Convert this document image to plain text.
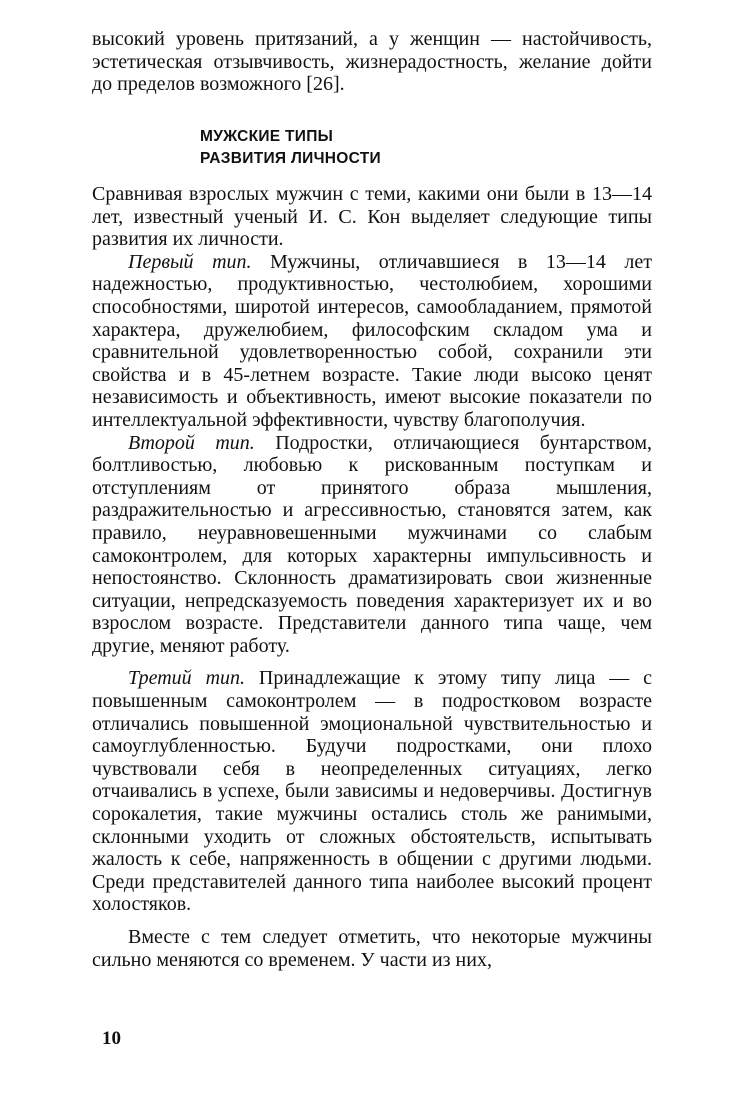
высокий уровень притязаний, а у женщин — настойчивость, эстетическая отзывчивость, жизнерадостность, желание дойти до пределов возможного [26].

МУЖСКИЕ ТИПЫ
РАЗВИТИЯ ЛИЧНОСТИ

Сравнивая взрослых мужчин с теми, какими они были в 13—14 лет, известный ученый И. С. Кон выделяет следующие типы развития их личности.

Первый тип. Мужчины, отличавшиеся в 13—14 лет надежностью, продуктивностью, честолюбием, хорошими способностями, широтой интересов, самообладанием, прямотой характера, дружелюбием, философским складом ума и сравнительной удовлетворенностью собой, сохранили эти свойства и в 45-летнем возрасте. Такие люди высоко ценят независимость и объективность, имеют высокие показатели по интеллектуальной эффективности, чувству благополучия.

Второй тип. Подростки, отличающиеся бунтарством, болтливостью, любовью к рискованным поступкам и отступлениям от принятого образа мышления, раздражительностью и агрессивностью, становятся затем, как правило, неуравновешенными мужчинами со слабым самоконтролем, для которых характерны импульсивность и непостоянство. Склонность драматизировать свои жизненные ситуации, непредсказуемость поведения характеризует их и во взрослом возрасте. Представители данного типа чаще, чем другие, меняют работу.

Третий тип. Принадлежащие к этому типу лица — с повышенным самоконтролем — в подростковом возрасте отличались повышенной эмоциональной чувствительностью и самоуглубленностью. Будучи подростками, они плохо чувствовали себя в неопределенных ситуациях, легко отчаивались в успехе, были зависимы и недоверчивы. Достигнув сорокалетия, такие мужчины остались столь же ранимыми, склонными уходить от сложных обстоятельств, испытывать жалость к себе, напряженность в общении с другими людьми. Среди представителей данного типа наиболее высокий процент холостяков.

Вместе с тем следует отметить, что некоторые мужчины сильно меняются со временем. У части из них,

10
